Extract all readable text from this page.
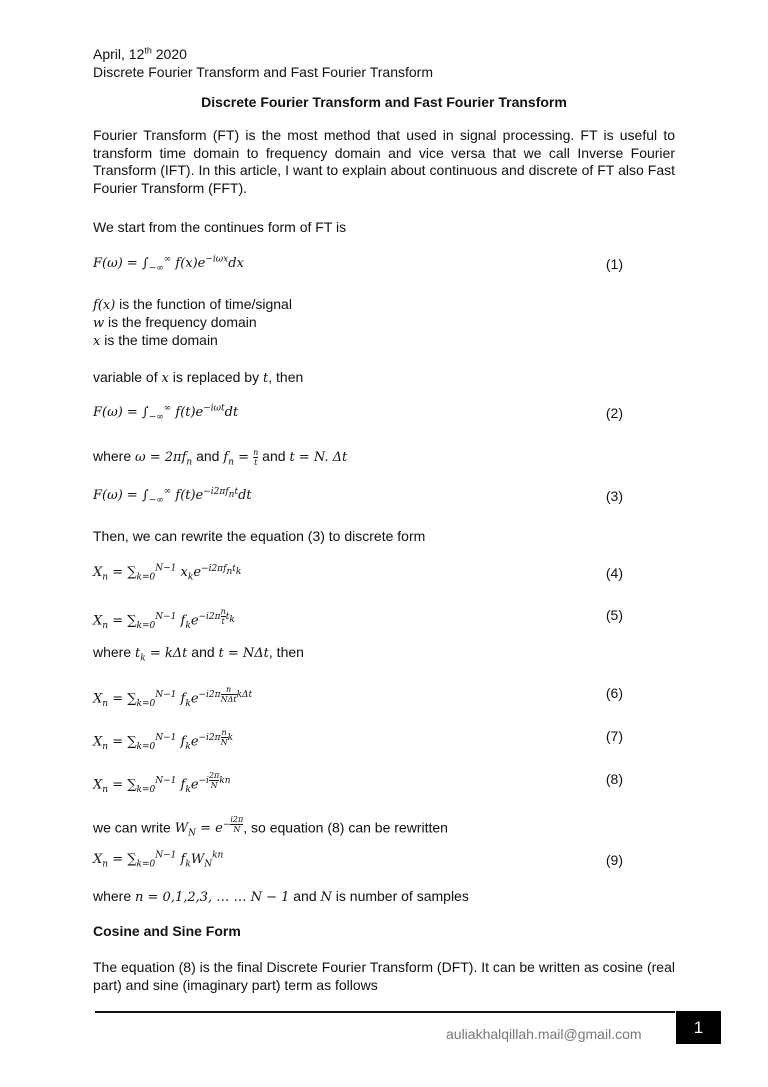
April, 12th 2020
Discrete Fourier Transform and Fast Fourier Transform
Discrete Fourier Transform and Fast Fourier Transform
Fourier Transform (FT) is the most method that used in signal processing. FT is useful to transform time domain to frequency domain and vice versa that we call Inverse Fourier Transform (IFT). In this article, I want to explain about continuous and discrete of FT also Fast Fourier Transform (FFT).
We start from the continues form of FT is
$F(\omega) = \int_{-\infty}^\infty$ $f(x)e^{-i\omega x}dx$	(1)
f(x) is the function of time/signal
w is the frequency domain
x is the time domain
variable of x is replaced by t, then
$F(\omega) = \int_{-\infty}^\infty$ $f(t)e^{-i\omega t}dt$	(2)
where $\omega = 2\pi f_n$ and $f_n = \frac{n}{t}$ and t = N. Δt
$F(\omega) = \int_{-\infty}^\infty$ $f(t)e^{-i2\pi f_nt}dt$	(3)
Then, we can rewrite the equation (3) to discrete form
$X_n = \sum_{k=0}^{N-1}$ $x_ke^{-i2\pi f_nt_k}$	(4)
$X_n = \sum_{k=0}^{N-1}$ $f_ke^{-i2\pi \frac{n}{t} t_k}$	(5)
where $t_k = k\Delta t$ and t = NΔt, then
$X_n = \sum_{k=0}^{N-1}$ $f_ke^{-i2\pi \frac{n}{\text{NΔt}} k\Delta t}$	(6)
$X_n = \sum_{k=0}^{N-1}$ $f_ke^{-i2\pi \frac{n}{N} k}$	(7)
$X_n = \sum_{k=0}^{N-1}$ $f_ke^{-i \frac{2\pi}{N} kn}$	(8)
we can write $W_N = e^{- \frac{i2\pi}{N}}$ , so equation (8) can be rewritten
$X_n = \sum_{k=0}^{N-1}$ $f_kW_N^{kn}$	(9)
where n = 0,1,2,3, … … N − 1 and N is number of samples
Cosine and Sine Form
The equation (8) is the final Discrete Fourier Transform (DFT). It can be written as cosine (real part) and sine (imaginary part) term as follows
auliakhalqillah.mail@gmail.com	1
